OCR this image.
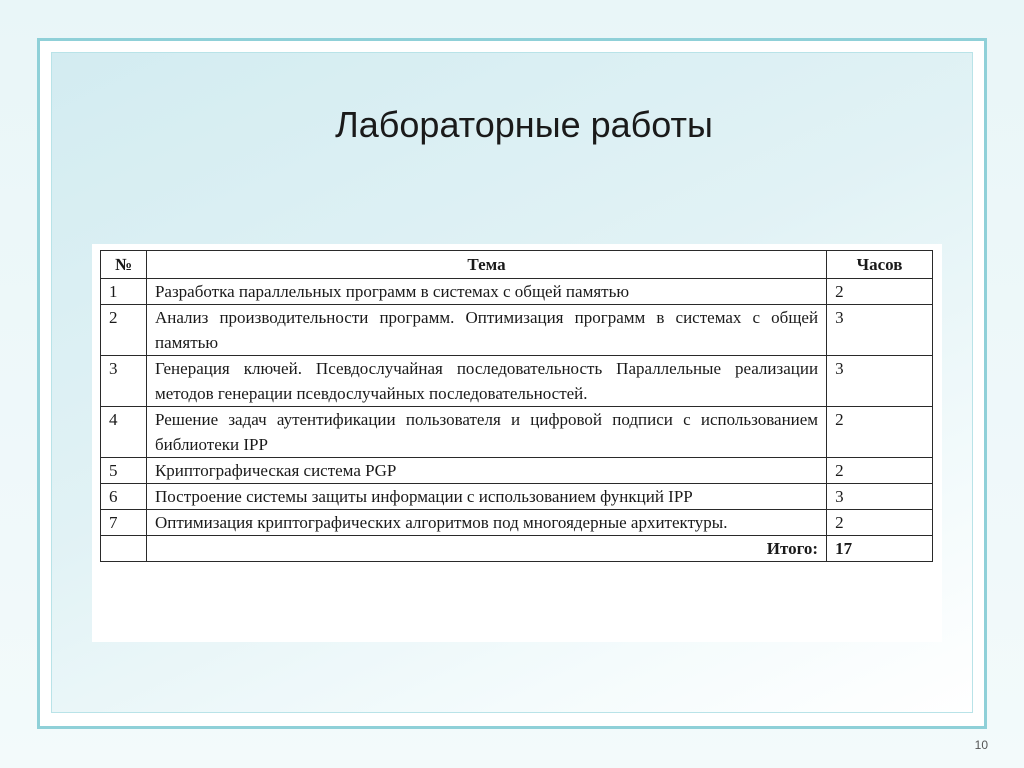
Лабораторные работы
№	Тема	Часов
1	Разработка параллельных программ в системах с общей памятью	2
2	Анализ производительности программ. Оптимизация программ в системах с общей памятью	3
3	Генерация ключей. Псевдослучайная последовательность Параллельные реализации методов генерации псевдослучайных последовательностей.	3
4	Решение задач аутентификации пользователя и цифровой подписи с использованием библиотеки IPP	2
5	Криптографическая система PGP	2
6	Построение системы защиты информации с использованием функций IPP	3
7	Оптимизация криптографических алгоритмов под многоядерные архитектуры.	2
	Итого:	17
10
